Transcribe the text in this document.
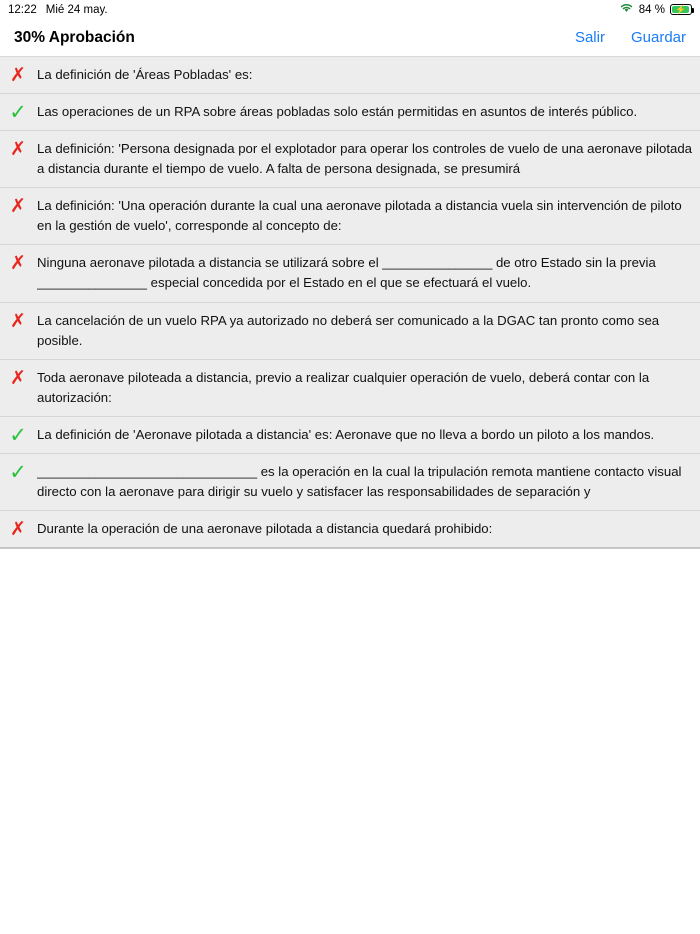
12:22 Mié 24 may.	84 % ⚡
30% Aprobación	Salir Guardar
✗ La definición de 'Áreas Pobladas' es:
✓ Las operaciones de un RPA sobre áreas pobladas solo están permitidas en asuntos de interés público.
✗ La definición: 'Persona designada por el explotador para operar los controles de vuelo de una aeronave pilotada a distancia durante el tiempo de vuelo. A falta de persona designada, se presumirá
✗ La definición: 'Una operación durante la cual una aeronave pilotada a distancia vuela sin intervención de piloto en la gestión de vuelo', corresponde al concepto de:
✗ Ninguna aeronave pilotada a distancia se utilizará sobre el _______________ de otro Estado sin la previa _______________ especial concedida por el Estado en el que se efectuará el vuelo.
✗ La cancelación de un vuelo RPA ya autorizado no deberá ser comunicado a la DGAC tan pronto como sea posible.
✗ Toda aeronave piloteada a distancia, previo a realizar cualquier operación de vuelo, deberá contar con la autorización:
✓ La definición de 'Aeronave pilotada a distancia' es: Aeronave que no lleva a bordo un piloto a los mandos.
✓ ______________________________ es la operación en la cual la tripulación remota mantiene contacto visual directo con la aeronave para dirigir su vuelo y satisfacer las responsabilidades de separación y
✗ Durante la operación de una aeronave pilotada a distancia quedará prohibido:
